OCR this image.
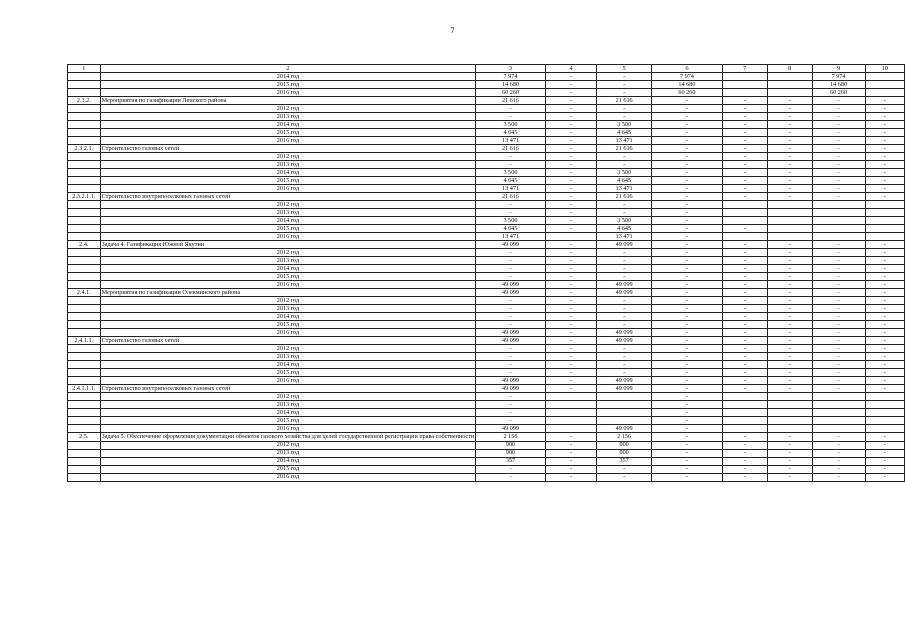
7
1	2	3	4	5	6	7	8	9	10
	2014 год	7 974	-	-	7 974			7 974	
	2015 год	14 680	-	-	14 680			14 680	
	2016 год	60 260	-	-	60 260			60 260	
2.3.2.	Мероприятия по газификации Ленского района	21 616	-	21 616	-	-	-	-	-
	2012 год	-	-	-	-	-	-	-	-
	2013 год	-	-	-	-	-	-	-	-
	2014 год	3 500	-	3 500	-	-	-	-	-
	2015 год	4 645	-	4 645	-	-	-	-	-
	2016 год	13 471	-	13 471	-	-	-	-	-
2.3.2.1.	Строительство газовых сетей	21 616	-	21 616	-	-	-	-	-
	2012 год	-	-	-	-	-	-	-	-
	2013 год	-	-	-	-	-	-	-	-
	2014 год	3 500	-	3 500	-	-	-	-	-
	2015 год	4 645	-	4 645	-	-	-	-	-
	2016 год	13 471	-	13 471	-	-	-	-	-
2.3.2.1.1.	Строительство внутрипоселковых газовых сетей	21 616	-	21 616	-	-	-	-	-
	2012 год	-	-	-	-				
	2013 год	-	-	-	-				
	2014 год	3 500	-	3 500	-				
	2015 год	4 645	-	4 645	-	-			
	2016 год	13 471		13 471	-				
2.4.	Задача 4. Газификация Южной Якутии	49 099	-	49 099	-	-	-	-	-
	2012 год	-	-	-	-	-	-	-	-
	2013 год	-	-	-	-	-	-	-	-
	2014 год	-	-	-	-	-	-	-	-
	2015 год	-	-	-	-	-	-	-	-
	2016 год	49 099	-	49 099	-	-	-	-	-
2.4.1.	Мероприятия по газификации Олекминского района	49 099	-	49 099	-	-	-	-	-
	2012 год	-	-	-	-	-	-	-	-
	2013 год	-	-	-	-	-	-	-	-
	2014 год	-	-	-	-	-	-	-	-
	2015 год	-	-	-	-	-	-	-	-
	2016 год	49 099	-	49 099	-	-	-	-	-
2.4.1.1.	Строительство газовых сетей	49 099	-	49 099	-	-	-	-	-
	2012 год	-	-	-	-	-	-	-	-
	2013 год	-	-	-	-	-	-	-	-
	2014 год	-	-	-	-	-	-	-	-
	2015 год	-	-	-	-	-	-	-	-
	2016 год	49 099	-	49 099	-	-	-	-	-
2.4.1.1.1.	Строительство внутрипоселковых газовых сетей	49 099	-	49 099	-	-	-	-	-
	2012 год	-			-				
	2013 год	-			-				
	2014 год	-			-				
	2015 год	-			-				
	2016 год	49 099		49 099	-				
2.5.	Задача 5. Обеспечение оформления документации объектов газового хозяйства для целей государственной регистрации права собственности	2 156	-	2 156	-	-	-	-	-
	2012 год	900	-	900	-	-	-	-	-
	2013 год	900	-	900	-	-	-	-	-
	2014 год	357	-	357	-	-	-	-	-
	2015 год	-	-	-	-	-	-	-	-
	2016 год	-	-	-	-	-	-	-	-
